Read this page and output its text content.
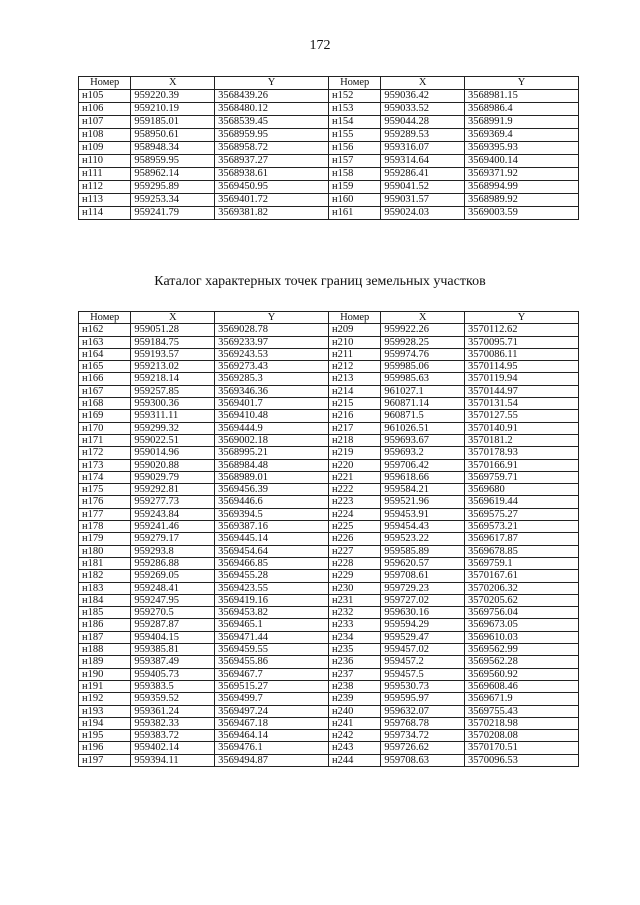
172
Номер	X	Y	Номер	X	Y
н105	959220.39	3568439.26	н152	959036.42	3568981.15
н106	959210.19	3568480.12	н153	959033.52	3568986.4
н107	959185.01	3568539.45	н154	959044.28	3568991.9
н108	958950.61	3568959.95	н155	959289.53	3569369.4
н109	958948.34	3568958.72	н156	959316.07	3569395.93
н110	958959.95	3568937.27	н157	959314.64	3569400.14
н111	958962.14	3568938.61	н158	959286.41	3569371.92
н112	959295.89	3569450.95	н159	959041.52	3568994.99
н113	959253.34	3569401.72	н160	959031.57	3568989.92
н114	959241.79	3569381.82	н161	959024.03	3569003.59
Каталог характерных точек границ земельных участков
Номер	X	Y	Номер	X	Y
н162	959051.28	3569028.78	н209	959922.26	3570112.62
н163	959184.75	3569233.97	н210	959928.25	3570095.71
н164	959193.57	3569243.53	н211	959974.76	3570086.11
н165	959213.02	3569273.43	н212	959985.06	3570114.95
н166	959218.14	3569285.3	н213	959985.63	3570119.94
н167	959257.85	3569346.36	н214	961027.1	3570144.97
н168	959300.36	3569401.7	н215	960871.14	3570131.54
н169	959311.11	3569410.48	н216	960871.5	3570127.55
н170	959299.32	3569444.9	н217	961026.51	3570140.91
н171	959022.51	3569002.18	н218	959693.67	3570181.2
н172	959014.96	3568995.21	н219	959693.2	3570178.93
н173	959020.88	3568984.48	н220	959706.42	3570166.91
н174	959029.79	3568989.01	н221	959618.66	3569759.71
н175	959292.81	3569456.39	н222	959584.21	3569680
н176	959277.73	3569446.6	н223	959521.96	3569619.44
н177	959243.84	3569394.5	н224	959453.91	3569575.27
н178	959241.46	3569387.16	н225	959454.43	3569573.21
н179	959279.17	3569445.14	н226	959523.22	3569617.87
н180	959293.8	3569454.64	н227	959585.89	3569678.85
н181	959286.88	3569466.85	н228	959620.57	3569759.1
н182	959269.05	3569455.28	н229	959708.61	3570167.61
н183	959248.41	3569423.55	н230	959729.23	3570206.32
н184	959247.95	3569419.16	н231	959727.02	3570205.62
н185	959270.5	3569453.82	н232	959630.16	3569756.04
н186	959287.87	3569465.1	н233	959594.29	3569673.05
н187	959404.15	3569471.44	н234	959529.47	3569610.03
н188	959385.81	3569459.55	н235	959457.02	3569562.99
н189	959387.49	3569455.86	н236	959457.2	3569562.28
н190	959405.73	3569467.7	н237	959457.5	3569560.92
н191	959383.5	3569515.27	н238	959530.73	3569608.46
н192	959359.52	3569499.7	н239	959595.97	3569671.9
н193	959361.24	3569497.24	н240	959632.07	3569755.43
н194	959382.33	3569467.18	н241	959768.78	3570218.98
н195	959383.72	3569464.14	н242	959734.72	3570208.08
н196	959402.14	3569476.1	н243	959726.62	3570170.51
н197	959394.11	3569494.87	н244	959708.63	3570096.53
